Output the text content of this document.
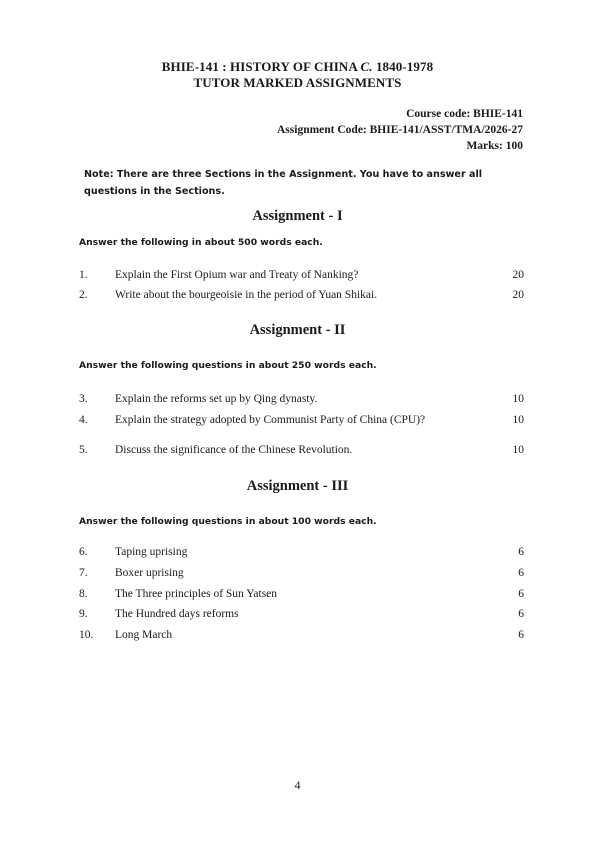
BHIE-141 : HISTORY OF CHINA C. 1840-1978
TUTOR MARKED ASSIGNMENTS
Course code: BHIE-141
Assignment Code: BHIE-141/ASST/TMA/2026-27
Marks: 100
Note: There are three Sections in the Assignment. You have to answer all questions in the Sections.
Assignment - I
Answer the following in about 500 words each.
1. Explain the First Opium war and Treaty of Nanking?	20
2. Write about the bourgeoisie in the period of Yuan Shikai.	20
Assignment - II
Answer the following questions in about 250 words each.
3. Explain the reforms set up by Qing dynasty.	10
4. Explain the strategy adopted by Communist Party of China (CPU)?	10
5. Discuss the significance of the Chinese Revolution.	10
Assignment - III
Answer the following questions in about 100 words each.
6. Taping uprising	6
7. Boxer uprising	6
8. The Three principles of Sun Yatsen	6
9. The Hundred days reforms	6
10. Long March	6
4
